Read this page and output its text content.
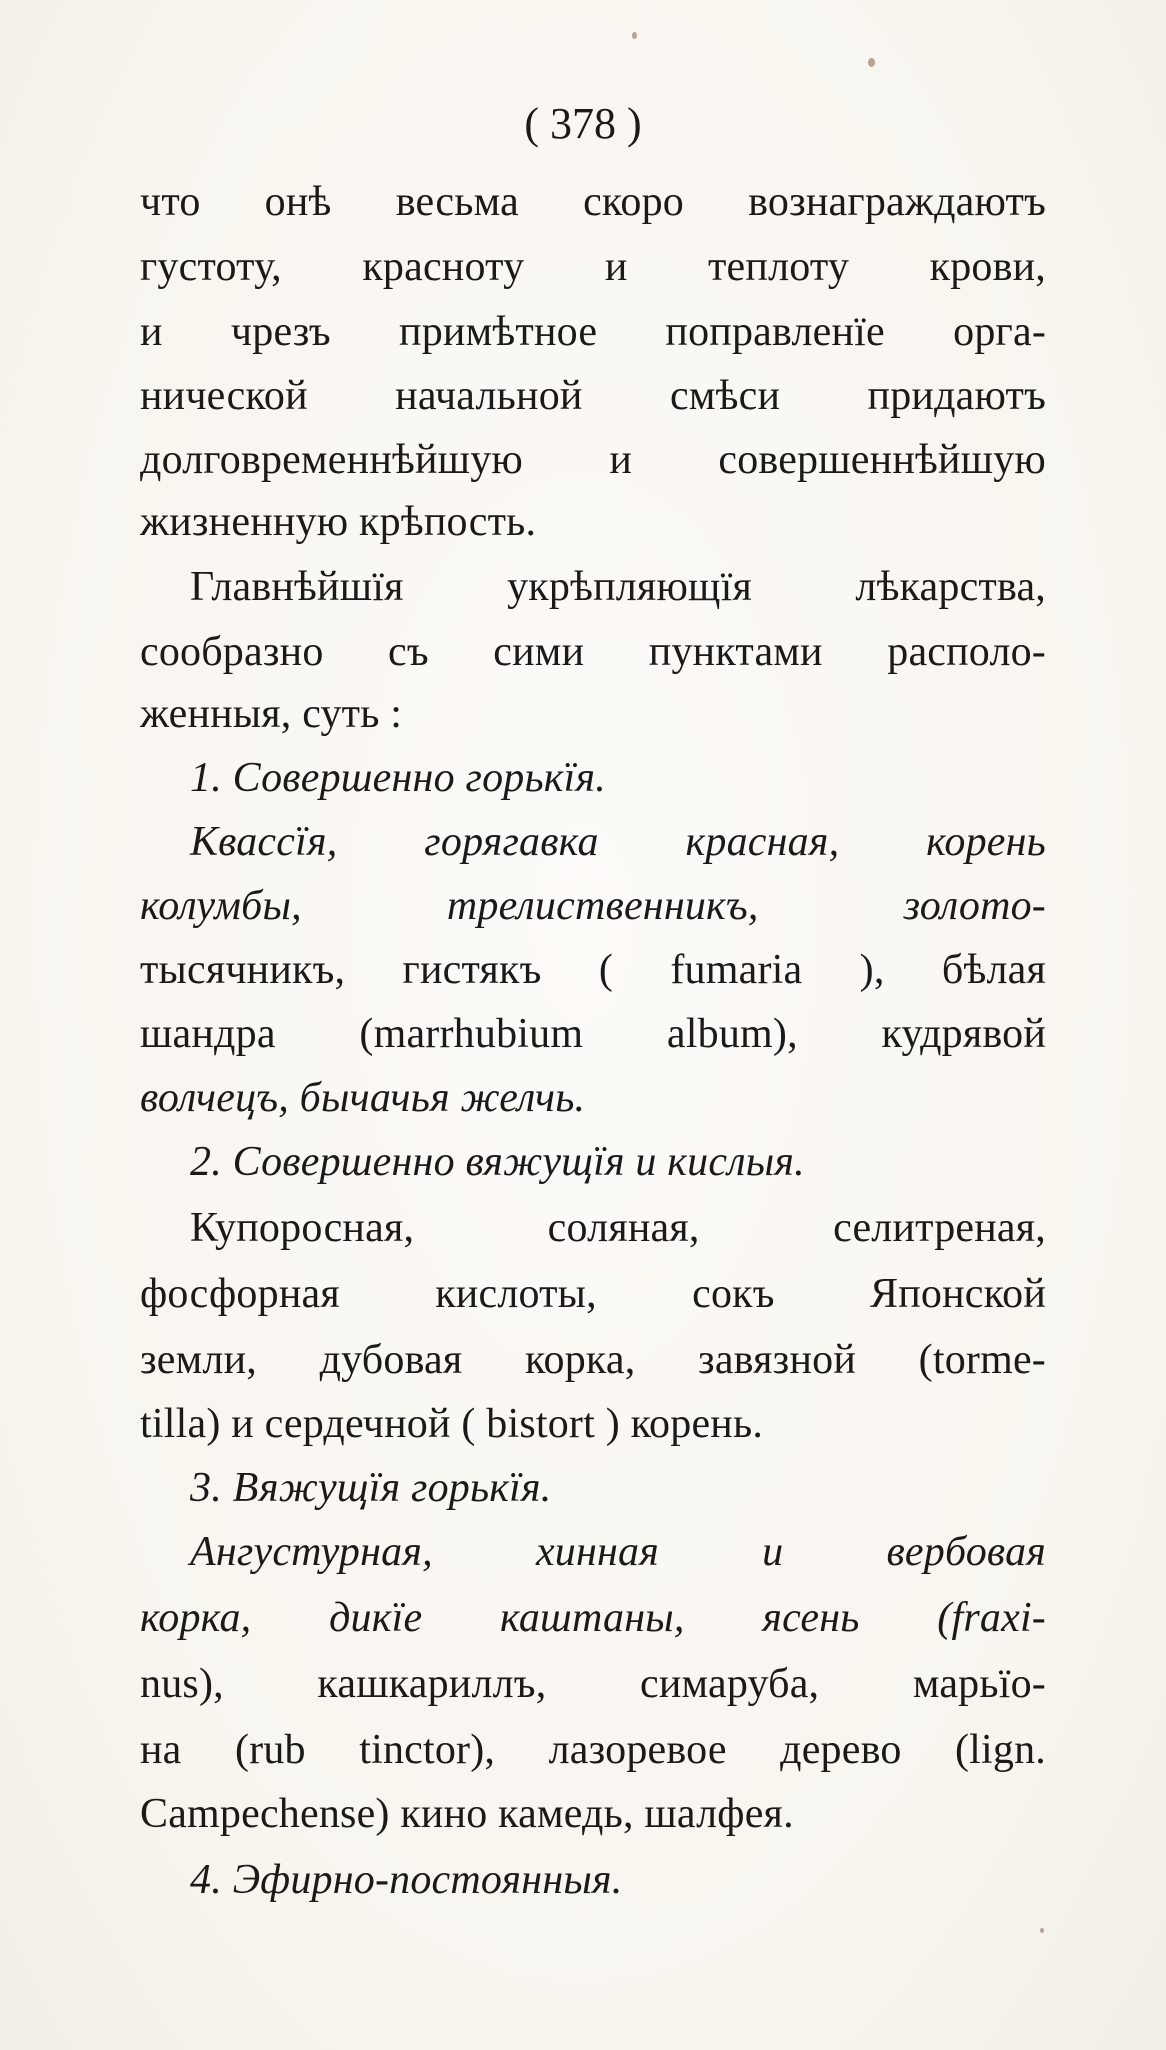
( 378 )
что онѣ весьма скоро вознаграждаютъ
густоту, красноту и теплоту крови,
и чрезъ примѣтное поправленїе орга-
нической начальной смѣси придаютъ
долговременнѣйшую и совершеннѣйшую
жизненную крѣпость.
Главнѣйшїя укрѣпляющїя лѣкарства,
сообразно съ сими пунктами располо-
женныя, суть :
1. Совершенно горькїя.
Квассїя, горягавка красная, корень
колумбы, трелиственникъ, золото-
тысячникъ, гистякъ ( fumaria ), бѣлая
шандра (marrhubium album), кудрявой
волчецъ, бычачья желчь.
2. Совершенно вяжущїя и кислыя.
Купоросная, соляная, селитреная,
фосфорная кислоты, сокъ Японской
земли, дубовая корка, завязной (torme-
tilla) и сердечной ( bistort ) корень.
3. Вяжущїя горькїя.
Ангустурная, хинная и вербовая
корка, дикїе каштаны, ясень (fraxi-
nus), кашкариллъ, симаруба, марьїо-
на (rub tinctor), лазоревое дерево (lign.
Campechense) кино камедь, шалфея.
4. Эфирно-постоянныя.
